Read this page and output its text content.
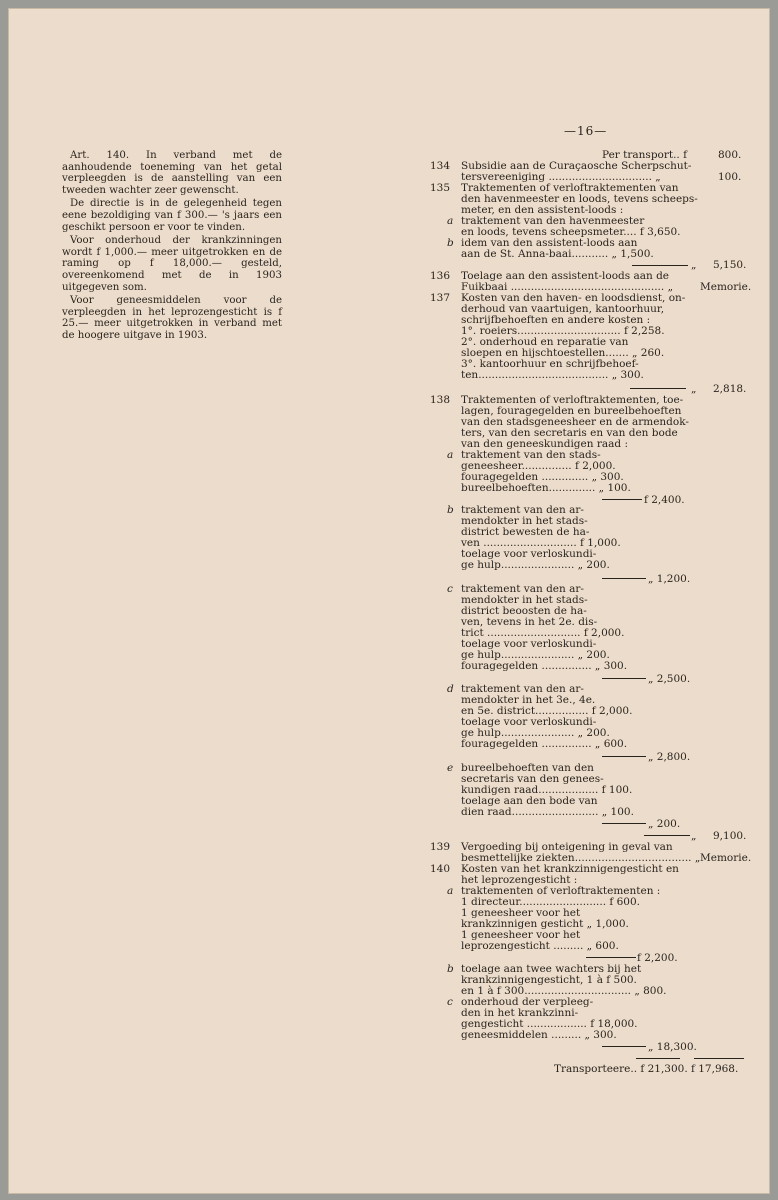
—16—

Art. 140. In verband met de aanhoudende toeneming van het getal verpleegden is de aanstelling van een tweeden wachter zeer gewenscht.

De directie is in de gelegenheid tegen eene bezoldiging van f 300.— 's jaars een geschikt persoon er voor te vinden.

Voor onderhoud der krankzinningen wordt f 1,000.— meer uitgetrokken en de raming op f 18,000.— gesteld, overeenkomend met de in 1903 uitgegeven som.

Voor geneesmiddelen voor de verpleegden in het leprozengesticht is f 25.— meer uitgetrokken in verband met de hoogere uitgave in 1903.

Per transport.. f	800.
134 Subsidie aan de Curaçaosche Scherpschut-
tersvereeniging ............................... „	100.
135 Traktementen of verloftraktementen van
den havenmeester en loods, tevens scheeps-
meter, en den assistent-loods :
a traktement van den havenmeester
en loods, tevens scheepsmeter.... f 3,650.
b idem van den assistent-loods aan
aan de St. Anna-baai........... „ 1,500.
„ 5,150.
136 Toelage aan den assistent-loods aan de
Fuikbaai .............................................. „	Memorie.
137 Kosten van den haven- en loodsdienst, on-
derhoud van vaartuigen, kantoorhuur,
schrijfbehoeften en andere kosten :
1°. roeiers............................... f 2,258.
2°. onderhoud en reparatie van
sloepen en hijschtoestellen....... „ 260.
3°. kantoorhuur en schrijfbehoef-
ten....................................... „ 300.
„ 2,818.
138 Traktementen of verloftraktementen, toe-
lagen, fouragegelden en bureelbehoeften
van den stadsgeneesheer en de armendok-
ters, van den secretaris en van den bode
van den geneeskundigen raad :
a traktement van den stads-
geneesheer............... f 2,000.
fouragegelden .............. „ 300.
bureelbehoeften.............. „ 100.
f 2,400.
b traktement van den ar-
mendokter in het stads-
district bewesten de ha-
ven ............................ f 1,000.
toelage voor verloskundi-
ge hulp...................... „ 200.
„ 1,200.
c traktement van den ar-
mendokter in het stads-
district beoosten de ha-
ven, tevens in het 2e. dis-
trict ............................ f 2,000.
toelage voor verloskundi-
ge hulp...................... „ 200.
fouragegelden ............... „ 300.
„ 2,500.
d traktement van den ar-
mendokter in het 3e., 4e.
en 5e. district................ f 2,000.
toelage voor verloskundi-
ge hulp...................... „ 200.
fouragegelden ............... „ 600.
„ 2,800.
e bureelbehoeften van den
secretaris van den genees-
kundigen raad.................. f 100.
toelage aan den bode van
dien raad.......................... „ 100.
„ 200.
„ 9,100.
139 Vergoeding bij onteigening in geval van
besmettelijke ziekten................................... „ Memorie.
140 Kosten van het krankzinnigengesticht en
het leprozengesticht :
a traktementen of verloftraktementen :
1 directeur.......................... f 600.
1 geneesheer voor het
krankzinnigen gesticht „ 1,000.
1 geneesheer voor het
leprozengesticht ......... „ 600.
f 2,200.
b toelage aan twee wachters bij het
krankzinnigengesticht, 1 à f 500.
en 1 à f 300................................ „ 800.
c onderhoud der verpleeg-
den in het krankzinni-
gengesticht .................. f 18,000.
geneesmiddelen ......... „ 300.
„ 18,300.
Transporteere.. f 21,300. f 17,968.
